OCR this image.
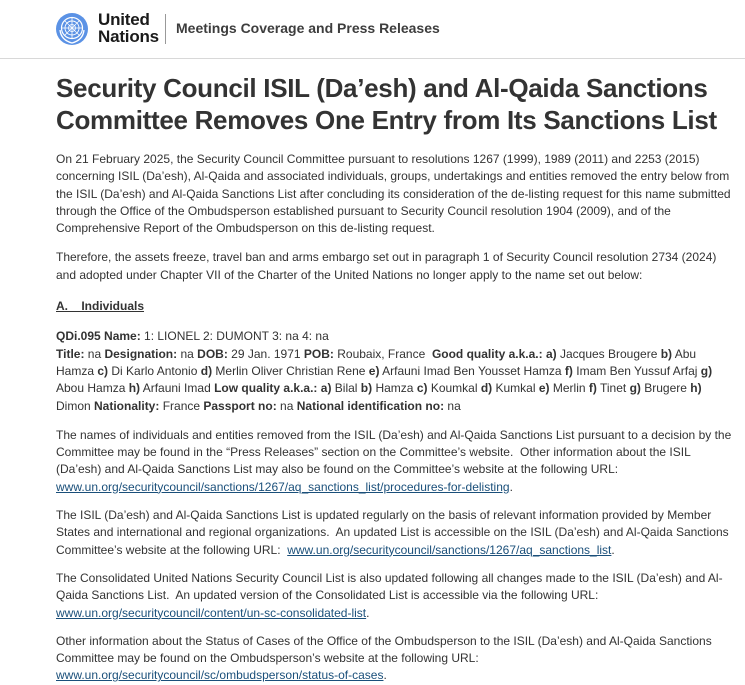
United
Nations Meetings Coverage and Press Releases
Security Council ISIL (Da’esh) and Al-Qaida Sanctions Committee Removes One Entry from Its Sanctions List

On 21 February 2025, the Security Council Committee pursuant to resolutions 1267 (1999), 1989 (2011) and 2253 (2015) concerning ISIL (Da’esh), Al-Qaida and associated individuals, groups, undertakings and entities removed the entry below from the ISIL (Da’esh) and Al-Qaida Sanctions List after concluding its consideration of the de-listing request for this name submitted through the Office of the Ombudsperson established pursuant to Security Council resolution 1904 (2009), and of the Comprehensive Report of the Ombudsperson on this de-listing request.

Therefore, the assets freeze, travel ban and arms embargo set out in paragraph 1 of Security Council resolution 2734 (2024) and adopted under Chapter VII of the Charter of the United Nations no longer apply to the name set out below:

A.    Individuals

QDi.095 Name: 1: LIONEL 2: DUMONT 3: na 4: na
Title: na Designation: na DOB: 29 Jan. 1971 POB: Roubaix, France  Good quality a.k.a.: a) Jacques Brougere b) Abu Hamza c) Di Karlo Antonio d) Merlin Oliver Christian Rene e) Arfauni Imad Ben Yousset Hamza f) Imam Ben Yussuf Arfaj g) Abou Hamza h) Arfauni Imad Low quality a.k.a.: a) Bilal b) Hamza c) Koumkal d) Kumkal e) Merlin f) Tinet g) Brugere h) Dimon Nationality: France Passport no: na National identification no: na

The names of individuals and entities removed from the ISIL (Da’esh) and Al-Qaida Sanctions List pursuant to a decision by the Committee may be found in the “Press Releases” section on the Committee’s website.  Other information about the ISIL (Da’esh) and Al-Qaida Sanctions List may also be found on the Committee’s website at the following URL: www.un.org/securitycouncil/sanctions/1267/aq_sanctions_list/procedures-for-delisting.

The ISIL (Da’esh) and Al-Qaida Sanctions List is updated regularly on the basis of relevant information provided by Member States and international and regional organizations.  An updated List is accessible on the ISIL (Da’esh) and Al-Qaida Sanctions Committee’s website at the following URL:  www.un.org/securitycouncil/sanctions/1267/aq_sanctions_list.

The Consolidated United Nations Security Council List is also updated following all changes made to the ISIL (Da’esh) and Al-Qaida Sanctions List.  An updated version of the Consolidated List is accessible via the following URL:  www.un.org/securitycouncil/content/un-sc-consolidated-list.

Other information about the Status of Cases of the Office of the Ombudsperson to the ISIL (Da’esh) and Al-Qaida Sanctions Committee may be found on the Ombudsperson’s website at the following URL:  www.un.org/securitycouncil/sc/ombudsperson/status-of-cases.
